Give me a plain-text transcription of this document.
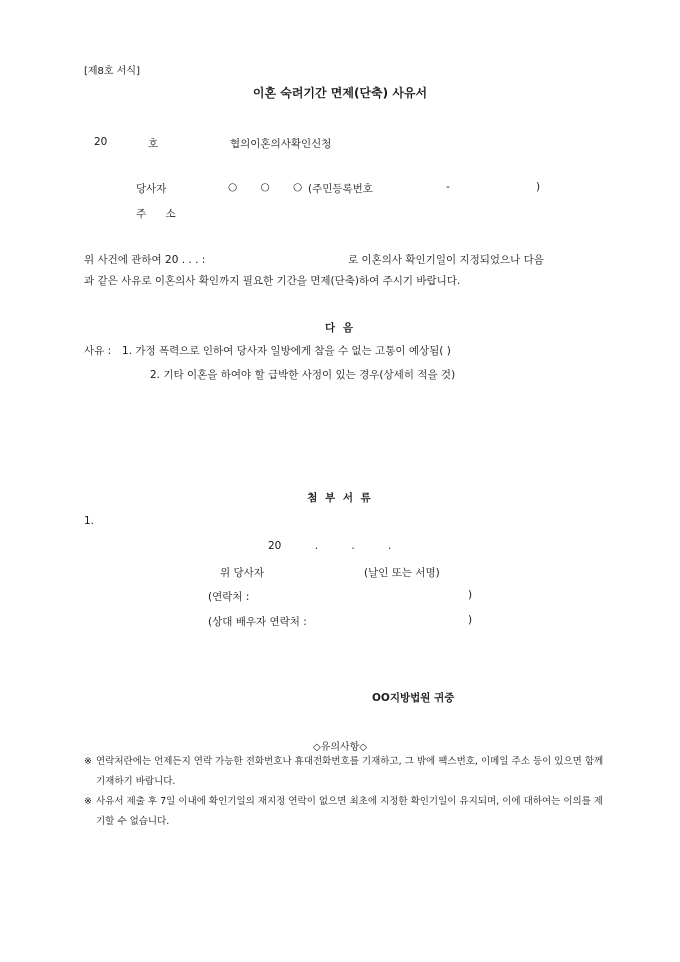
[제8호 서식]
이혼 숙려기간 면제(단축) 사유서
20	호	협의이혼의사확인신청
당사자	○ ○ ○
(주민등록번호	-	)
주 소
위 사건에 관하여 20 . . . :	로 이혼의사 확인기일이 지정되었으나 다음
과 같은 사유로 이혼의사 확인까지 필요한 기간을 면제(단축)하여 주시기 바랍니다.
다 음
사유 : 1. 가정 폭력으로 인하여 당사자 일방에게 참을 수 없는 고통이 예상됨( )
2. 기타 이혼을 하여야 할 급박한 사정이 있는 경우(상세히 적을 것)
첨 부 서 류
1.
20 . . .
위 당사자	(날인 또는 서명)
(연락처 :	)
(상대 배우자 연락처 :	)
OO지방법원 귀중
◇유의사항◇
※ 연락처란에는 언제든지 연락 가능한 전화번호나 휴대전화번호를 기재하고, 그 밖에 팩스번호, 이메일 주소 등이 있으면 함께 기재하기 바랍니다.
※ 사유서 제출 후 7일 이내에 확인기일의 재지정 연락이 없으면 최초에 지정한 확인기일이 유지되며, 이에 대하여는 이의를 제기할 수 없습니다.
